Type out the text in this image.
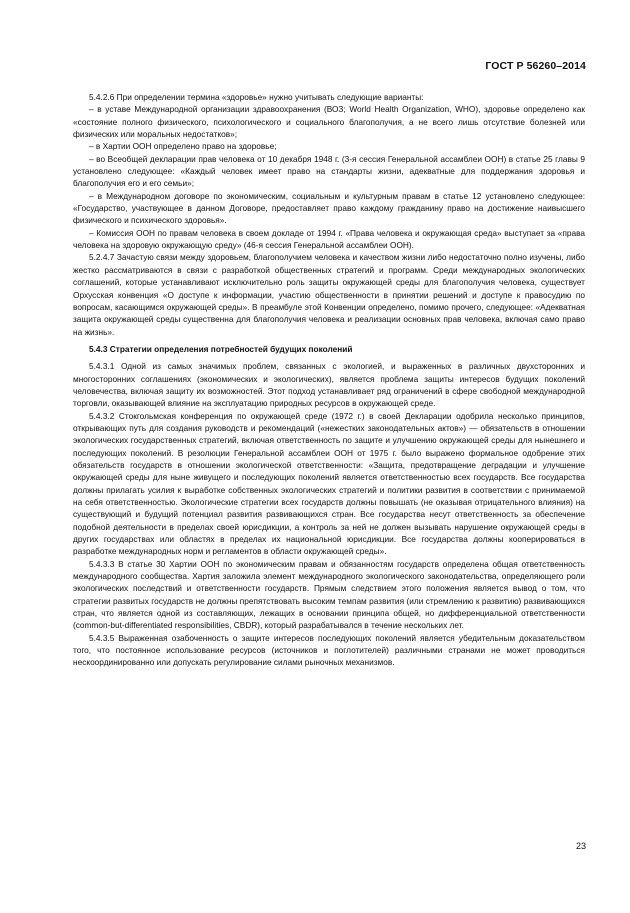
ГОСТ Р 56260–2014

5.4.2.6 При определении термина «здоровье» нужно учитывать следующие варианты:

– в уставе Международной организации здравоохранения (ВОЗ; World Health Organization, WHO), здоровье определено как «состояние полного физического, психологического и социального благополучия, а не всего лишь отсутствие болезней или физических или моральных недостатков»;

– в Хартии ООН определено право на здоровье;

– во Всеобщей декларации прав человека от 10 декабря 1948 г. (3-я сессия Генеральной ассамблеи ООН) в статье 25 главы 9 установлено следующее: «Каждый человек имеет право на стандарты жизни, адекватные для поддержания здоровья и благополучия его и его семьи»;

– в Международном договоре по экономическим, социальным и культурным правам в статье 12 установлено следующее: «Государство, участвующее в данном Договоре, предоставляет право каждому гражданину право на достижение наивысшего физического и психического здоровья».

– Комиссия ООН по правам человека в своем докладе от 1994 г. «Права человека и окружающая среда» выступает за «права человека на здоровую окружающую среду» (46-я сессия Генеральной ассамблеи ООН).

5.2.4.7 Зачастую связи между здоровьем, благополучием человека и качеством жизни либо недостаточно полно изучены, либо жестко рассматриваются в связи с разработкой общественных стратегий и программ. Среди международных экологических соглашений, которые устанавливают исключительно роль защиты окружающей среды для благополучия человека, существует Орхусская конвенция «О доступе к информации, участию общественности в принятии решений и доступе к правосудию по вопросам, касающимся окружающей среды». В преамбуле этой Конвенции определено, помимо прочего, следующее: «Адекватная защита окружающей среды существенна для благополучия человека и реализации основных прав человека, включая само право на жизнь».

5.4.3 Стратегии определения потребностей будущих поколений

5.4.3.1 Одной из самых значимых проблем, связанных с экологией, и выраженных в различных двухсторонних и многосторонних соглашениях (экономических и экологических), является проблема защиты интересов будущих поколений человечества, включая защиту их возможностей. Этот подход устанавливает ряд ограничений в сфере свободной международной торговли, оказывающей влияние на эксплуатацию природных ресурсов в окружающей среде.

5.4.3.2 Стокгольмская конференция по окружающей среде (1972 г.) в своей Декларации одобрила несколько принципов, открывающих путь для создания руководств и рекомендаций («нежестких законодательных актов») — обязательств в отношении экологических государственных стратегий, включая ответственность по защите и улучшению окружающей среды для нынешнего и последующих поколений. В резолюции Генеральной ассамблеи ООН от 1975 г. было выражено формальное одобрение этих обязательств государств в отношении экологической ответственности: «Защита, предотвращение деградации и улучшение окружающей среды для ныне живущего и последующих поколений является ответственностью всех государств. Все государства должны прилагать усилия к выработке собственных экологических стратегий и политики развития в соответствии с принимаемой на себя ответственностью. Экологические стратегии всех государств должны повышать (не оказывая отрицательного влияния) на существующий и будущий потенциал развития развивающихся стран. Все государства несут ответственность за обеспечение подобной деятельности в пределах своей юрисдикции, а контроль за ней не должен вызывать нарушение окружающей среды в других государствах или областях в пределах их национальной юрисдикции. Все государства должны кооперироваться в разработке международных норм и регламентов в области окружающей среды».

5.4.3.3 В статье 30 Хартии ООН по экономическим правам и обязанностям государств определена общая ответственность международного сообщества. Хартия заложила элемент международного экологического законодательства, определяющего роли экологических последствий и ответственности государств. Прямым следствием этого положения является вывод о том, что стратегии развитых государств не должны препятствовать высоким темпам развития (или стремлению к развитию) развивающихся стран, что является одной из составляющих, лежащих в основании принципа общей, но дифференциальной ответственности (common-but-differentiated responsibilities, CBDR), который разрабатывался в течение нескольких лет.

5.4.3.5 Выраженная озабоченность о защите интересов последующих поколений является убедительным доказательством того, что постоянное использование ресурсов (источников и поглотителей) различными странами не может проводиться нескоординированно или допускать регулирование силами рыночных механизмов.

23
